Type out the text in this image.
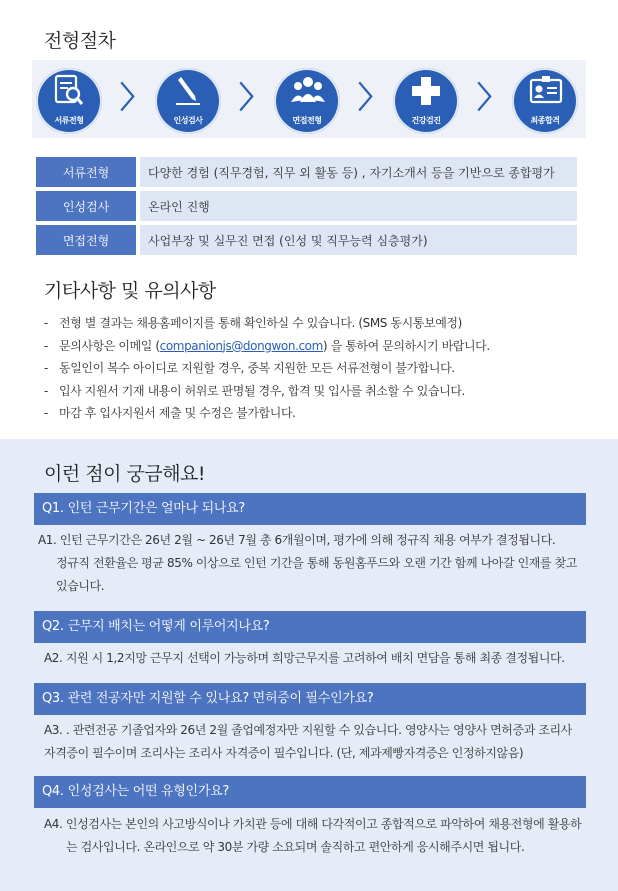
전형절차
서류전형
〉
인성검사
〉
면접전형
〉
건강검진
〉
최종합격
서류전형	다양한 경험 (직무경험, 직무 외 활동 등) , 자기소개서 등을 기반으로 종합평가
인성검사	온라인 진행
면접전형	사업부장 및 실무진 면접 (인성 및 직무능력 심층평가)
기타사항 및 유의사항
- 전형 별 결과는 채용홈페이지를 통해 확인하실 수 있습니다. (SMS 동시통보예정)
- 문의사항은 이메일 (companionjs@dongwon.com) 을 통하여 문의하시기 바랍니다.
- 동일인이 복수 아이디로 지원할 경우, 중복 지원한 모든 서류전형이 불가합니다.
- 입사 지원서 기재 내용이 허위로 판명될 경우, 합격 및 입사를 취소할 수 있습니다.
- 마감 후 입사지원서 제출 및 수정은 불가합니다.
이런 점이 궁금해요!
Q1. 인턴 근무기간은 얼마나 되나요?
A1. 인턴 근무기간은 26년 2월 ~ 26년 7월 총 6개월이며, 평가에 의해 정규직 채용 여부가 결정됩니다.
정규직 전환율은 평균 85% 이상으로 인턴 기간을 통해 동원홈푸드와 오랜 기간 함께 나아갈 인재를 찾고
있습니다.
Q2. 근무지 배치는 어떻게 이루어지나요?
A2. 지원 시 1,2지망 근무지 선택이 가능하며 희망근무지를 고려하여 배치 면담을 통해 최종 결정됩니다.
Q3. 관련 전공자만 지원할 수 있나요? 면허증이 필수인가요?
A3. . 관련전공 기졸업자와 26년 2월 졸업예정자만 지원할 수 있습니다. 영양사는 영양사 면허증과 조리사
자격증이 필수이며 조리사는 조리사 자격증이 필수입니다. (단, 제과제빵자격증은 인정하지않음)
Q4. 인성검사는 어떤 유형인가요?
A4. 인성검사는 본인의 사고방식이나 가치관 등에 대해 다각적이고 종합적으로 파악하여 채용전형에 활용하
는 검사입니다. 온라인으로 약 30분 가량 소요되며 솔직하고 편안하게 응시해주시면 됩니다.
